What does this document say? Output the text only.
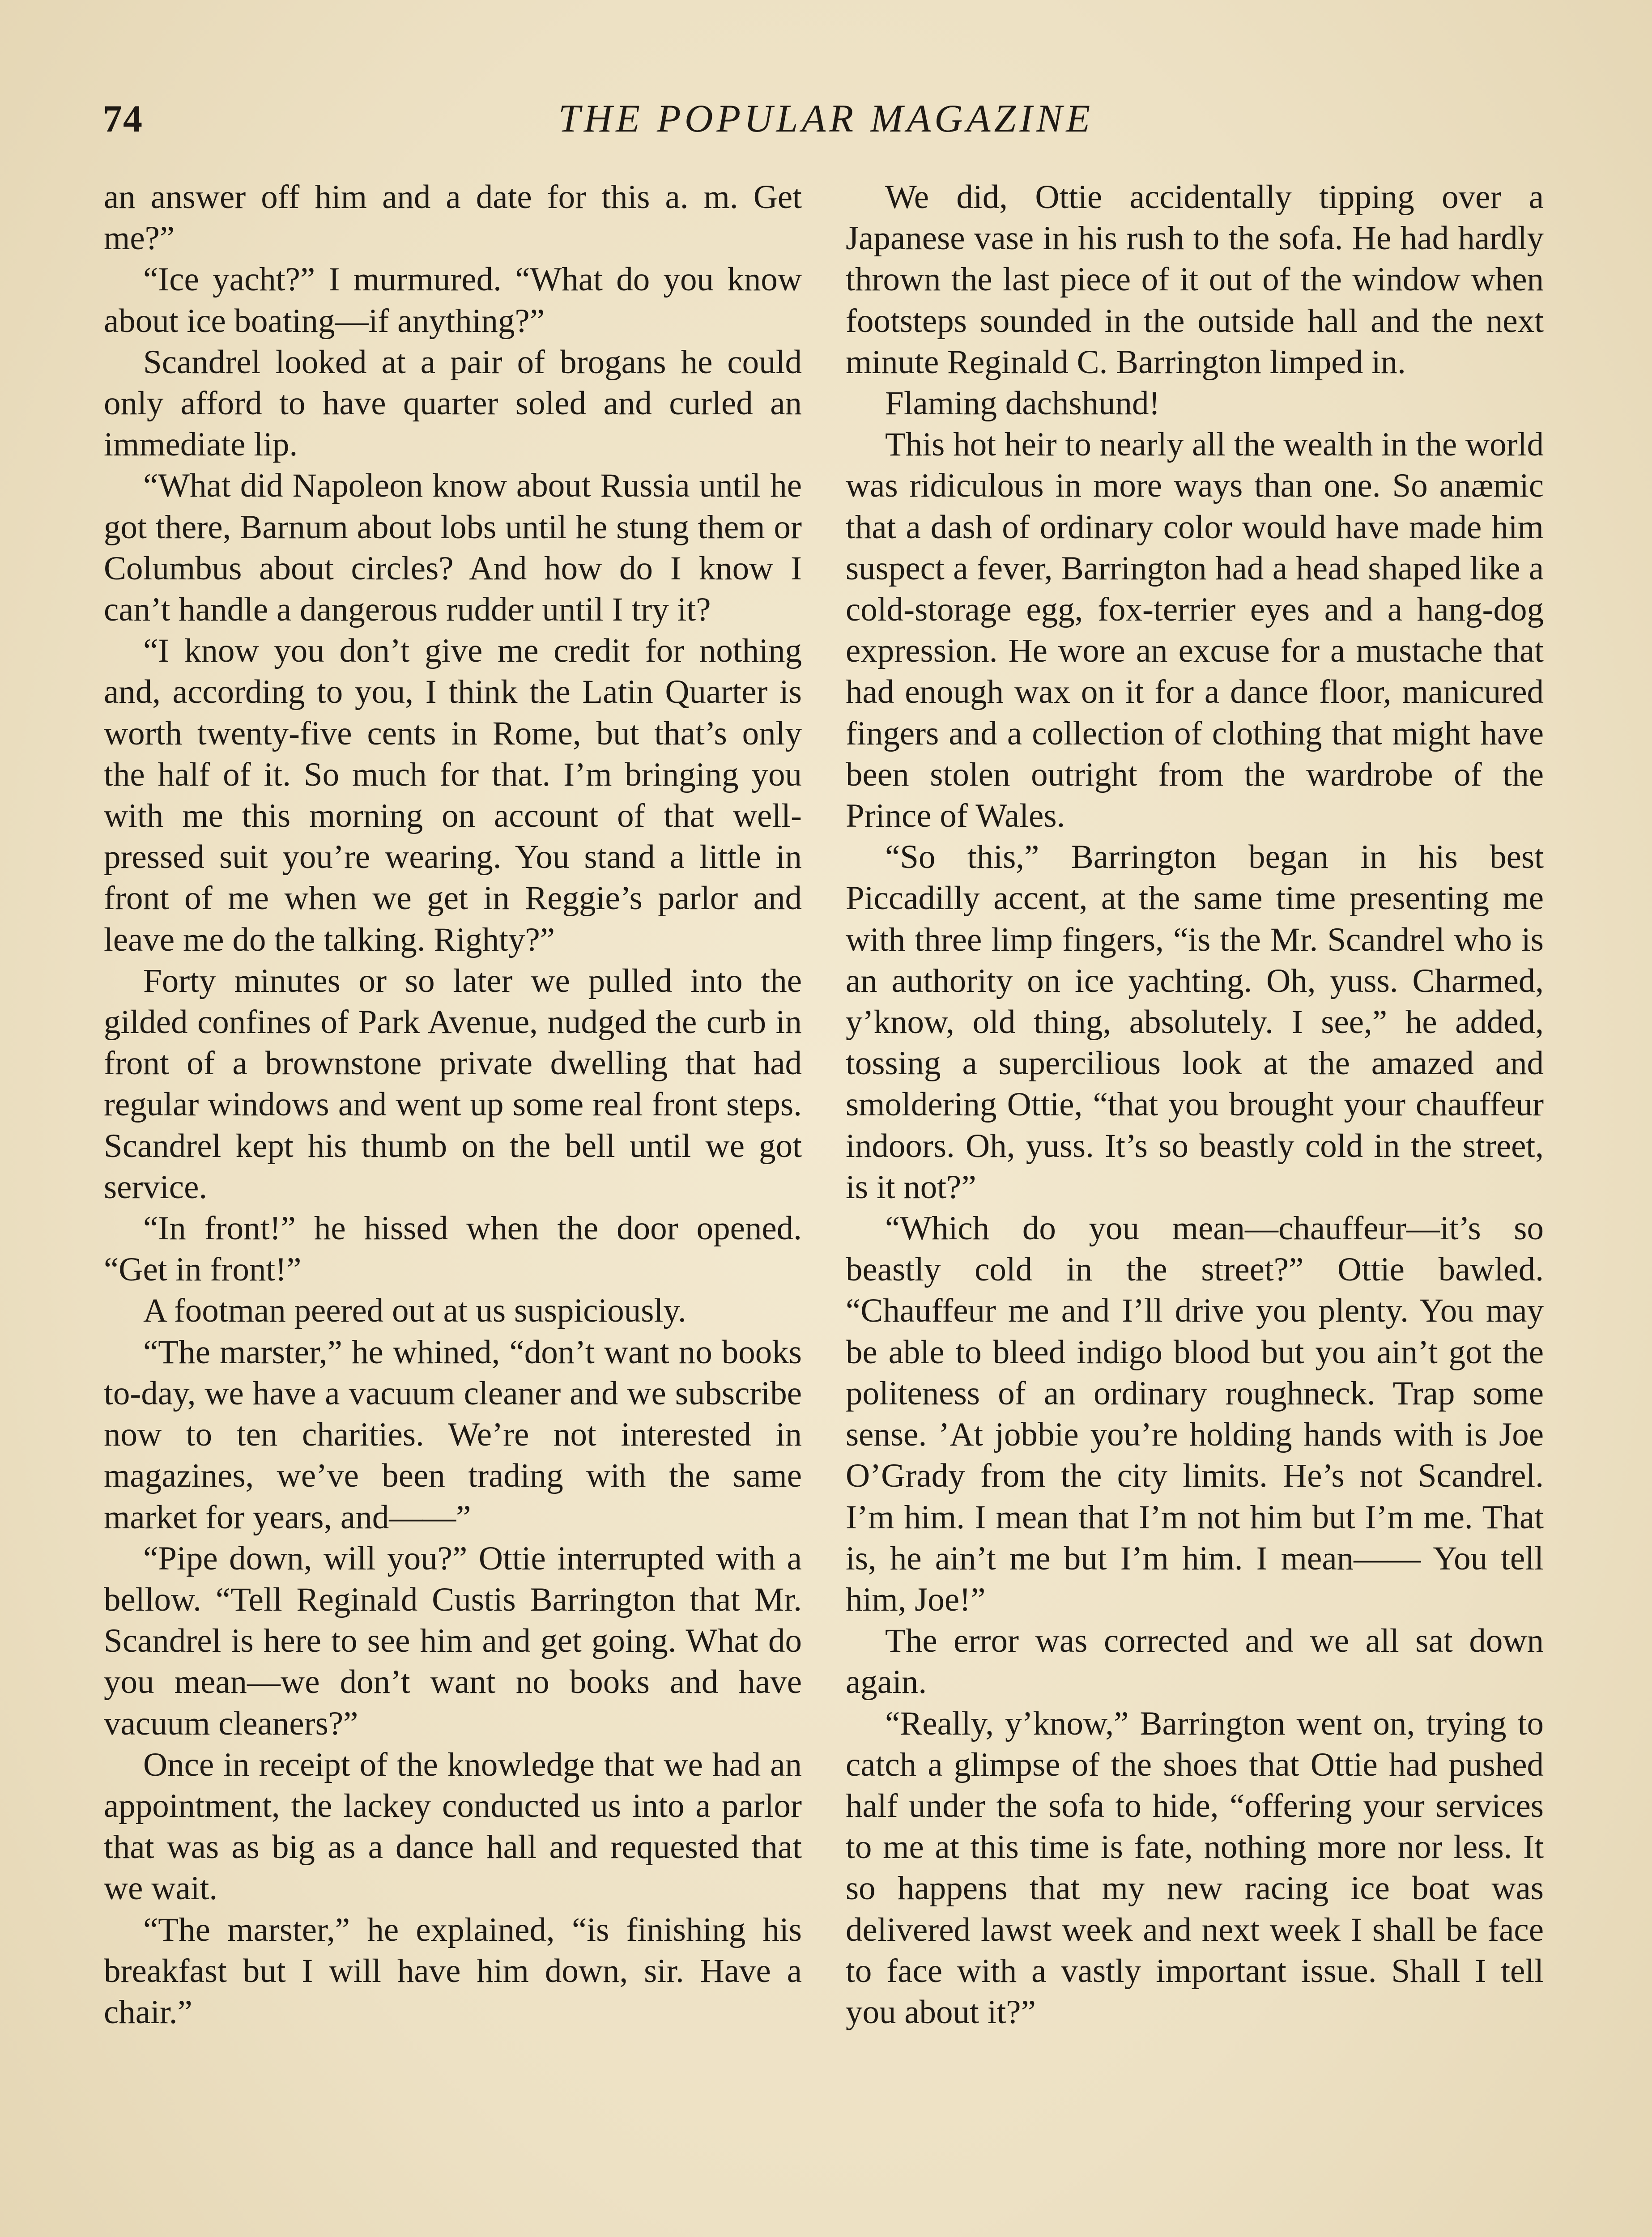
74	THE POPULAR MAGAZINE

an answer off him and a date for this a. m. Get me?”

“Ice yacht?” I murmured. “What do you know about ice boating—if anything?”

Scandrel looked at a pair of brogans he could only afford to have quarter soled and curled an immediate lip.

“What did Napoleon know about Russia until he got there, Barnum about lobs until he stung them or Columbus about circles? And how do I know I can’t handle a dangerous rudder until I try it?

“I know you don’t give me credit for nothing and, according to you, I think the Latin Quarter is worth twenty-five cents in Rome, but that’s only the half of it. So much for that. I’m bringing you with me this morning on account of that well-pressed suit you’re wearing. You stand a little in front of me when we get in Reggie’s parlor and leave me do the talking. Righty?”

Forty minutes or so later we pulled into the gilded confines of Park Avenue, nudged the curb in front of a brownstone private dwelling that had regular windows and went up some real front steps. Scandrel kept his thumb on the bell until we got service.

“In front!” he hissed when the door opened. “Get in front!”

A footman peered out at us suspiciously.

“The marster,” he whined, “don’t want no books to-day, we have a vacuum cleaner and we subscribe now to ten charities. We’re not interested in magazines, we’ve been trading with the same market for years, and——”

“Pipe down, will you?” Ottie interrupted with a bellow. “Tell Reginald Custis Barrington that Mr. Scandrel is here to see him and get going. What do you mean—we don’t want no books and have vacuum cleaners?”

Once in receipt of the knowledge that we had an appointment, the lackey conducted us into a parlor that was as big as a dance hall and requested that we wait.

“The marster,” he explained, “is finishing his breakfast but I will have him down, sir. Have a chair.”

We did, Ottie accidentally tipping over a Japanese vase in his rush to the sofa. He had hardly thrown the last piece of it out of the window when footsteps sounded in the outside hall and the next minute Reginald C. Barrington limped in.

Flaming dachshund!

This hot heir to nearly all the wealth in the world was ridiculous in more ways than one. So anæmic that a dash of ordinary color would have made him suspect a fever, Barrington had a head shaped like a cold-storage egg, fox-terrier eyes and a hang-dog expression. He wore an excuse for a mustache that had enough wax on it for a dance floor, manicured fingers and a collection of clothing that might have been stolen outright from the wardrobe of the Prince of Wales.

“So this,” Barrington began in his best Piccadilly accent, at the same time presenting me with three limp fingers, “is the Mr. Scandrel who is an authority on ice yachting. Oh, yuss. Charmed, y’know, old thing, absolutely. I see,” he added, tossing a supercilious look at the amazed and smoldering Ottie, “that you brought your chauffeur indoors. Oh, yuss. It’s so beastly cold in the street, is it not?”

“Which do you mean—chauffeur—it’s so beastly cold in the street?” Ottie bawled. “Chauffeur me and I’ll drive you plenty. You may be able to bleed indigo blood but you ain’t got the politeness of an ordinary roughneck. Trap some sense. ’At jobbie you’re holding hands with is Joe O’Grady from the city limits. He’s not Scandrel. I’m him. I mean that I’m not him but I’m me. That is, he ain’t me but I’m him. I mean—— You tell him, Joe!”

The error was corrected and we all sat down again.

“Really, y’know,” Barrington went on, trying to catch a glimpse of the shoes that Ottie had pushed half under the sofa to hide, “offering your services to me at this time is fate, nothing more nor less. It so happens that my new racing ice boat was delivered lawst week and next week I shall be face to face with a vastly important issue. Shall I tell you about it?”
